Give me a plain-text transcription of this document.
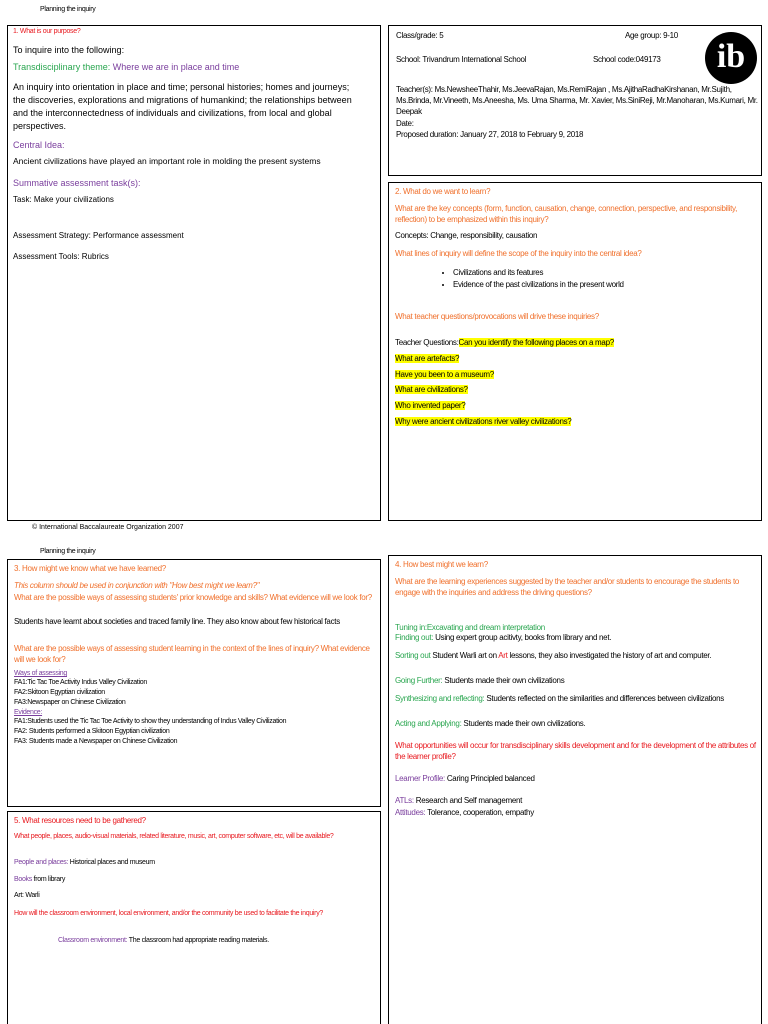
Planning the inquiry
1. What is our purpose?
To inquire into the following:
Transdisciplinary theme: Where we are in place and time
An inquiry into orientation in place and time; personal histories; homes and journeys; the discoveries, explorations and migrations of humankind; the relationships between and the interconnectedness of individuals and civilizations, from local and global perspectives.
Central Idea:
Ancient civilizations have played an important role in molding the present systems
Summative assessment task(s):
Task: Make your civilizations
Assessment Strategy: Performance assessment
Assessment Tools: Rubrics
Class/grade: 5	Age group: 9-10
School: Trivandrum International School	School code:049173	ib
Teacher(s): Ms.NewsheeThahir, Ms.JeevaRajan, Ms.RemiRajan , Ms.AjithaRadhaKirshanan, Mr.Sujith, Ms.Brinda, Mr.Vineeth, Ms.Aneesha, Ms. Uma Sharma, Mr. Xavier, Ms.SiniReji, Mr.Manoharan, Ms.Kumari, Mr. Deepak
Date:
Proposed duration: January 27, 2018 to February 9, 2018
2. What do we want to learn?
What are the key concepts (form, function, causation, change, connection, perspective, and responsibility, reflection) to be emphasized within this inquiry?
Concepts: Change, responsibility, causation
What lines of inquiry will define the scope of the inquiry into the central idea?
• Civilizations and its features
• Evidence of the past civilizations in the present world
What teacher questions/provocations will drive these inquiries?
Teacher Questions:Can you identify the following places on a map?
What are artefacts?
Have you been to a museum?
What are civilizations?
Who invented paper?
Why were ancient civilizations river valley civilizations?
© International Baccalaureate Organization 2007
Planning the inquiry
3. How might we know what we have learned?
This column should be used in conjunction with "How best might we learn?"
What are the possible ways of assessing students' prior knowledge and skills? What evidence will we look for?
Students have learnt about societies and traced family line. They also know about few historical facts
What are the possible ways of assessing student learning in the context of the lines of inquiry? What evidence will we look for?
Ways of assessing
FA1:Tic Tac Toe Activity Indus Valley Civilization
FA2:Skitoon Egyptian civilization
FA3:Newspaper on Chinese Civilization
Evidence:
FA1:Students used the Tic Tac Toe Activity to show they understanding of Indus Valley Civilization
FA2: Students performed a Skitoon Egyptian civilization
FA3: Students made a Newspaper on Chinese Civilization
4. How best might we learn?
What are the learning experiences suggested by the teacher and/or students to encourage the students to engage with the inquiries and address the driving questions?
Tuning in:Excavating and dream interpretation
Finding out: Using expert group acitivty, books from library and net.
Sorting out Student Warli art on Art lessons, they also investigated the history of art and computer.
Going Further: Students made their own civilizations
Synthesizing and reflecting: Students reflected on the similarities and differences between civilizations
Acting and Applying: Students made their own civilizations.
What opportunities will occur for transdisciplinary skills development and for the development of the attributes of the learner profile?
Learner Profile: Caring Principled balanced
ATLs: Research and Self management
Attitudes: Tolerance, cooperation, empathy
5. What resources need to be gathered?
What people, places, audio-visual materials, related literature, music, art, computer software, etc, will be available?
People and places: Historical places and museum
Books from library
Art: Warli
How will the classroom environment, local environment, and/or the community be used to facilitate the inquiry?
Classroom environment: The classroom had appropriate reading materials.
